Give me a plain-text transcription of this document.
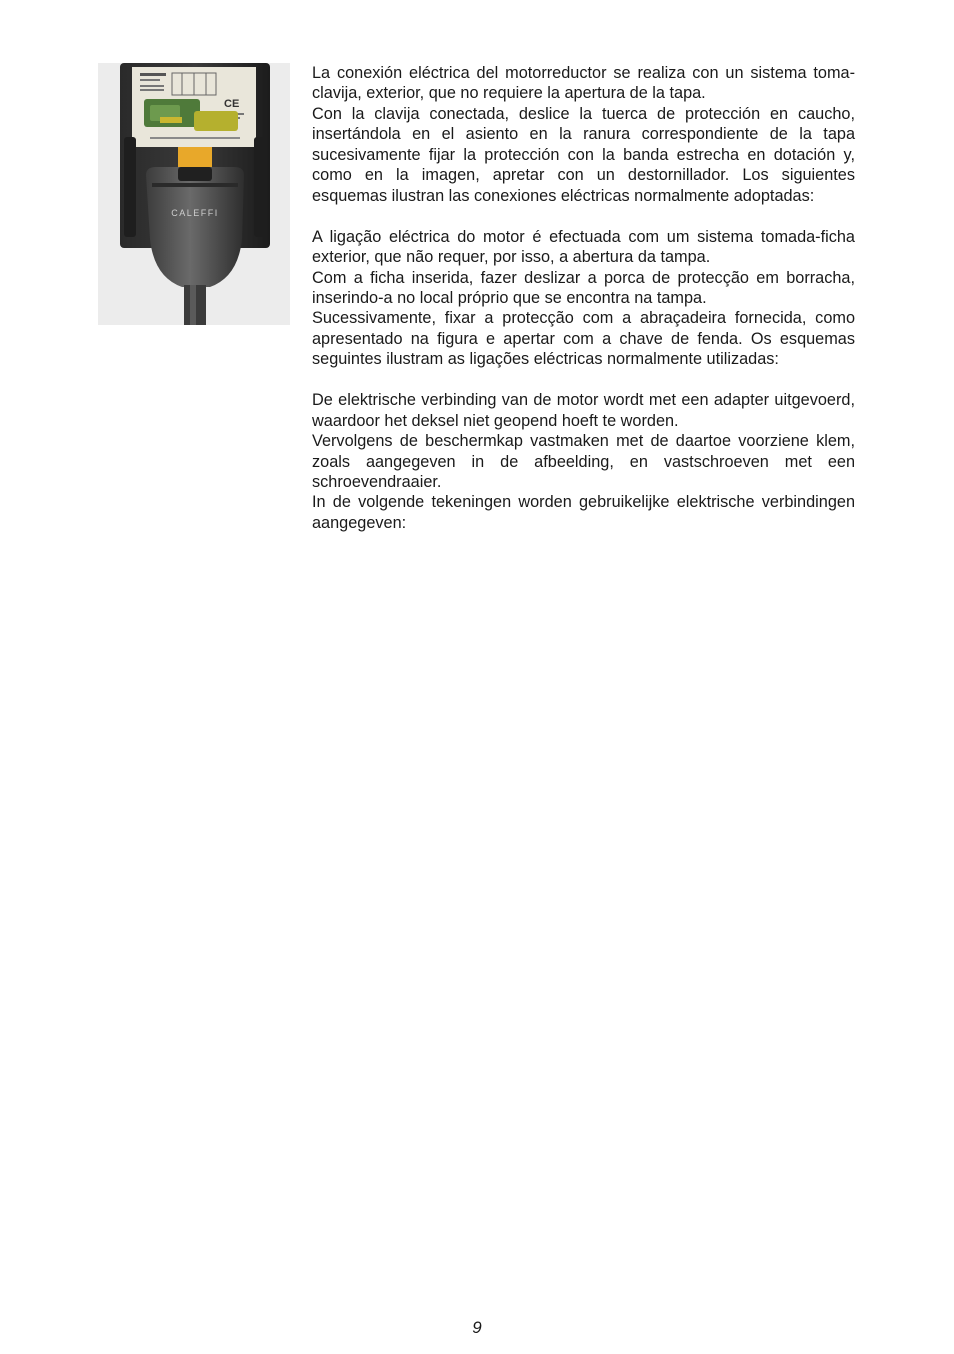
CE
CALEFFI

La conexión eléctrica del motorreductor se realiza con un sistema toma-clavija, exterior, que no requiere la apertura de la tapa.

Con la clavija conectada, deslice la tuerca de protección en caucho, insertándola en el asiento en la ranura correspondiente de la tapa sucesivamente fijar la protección con la banda estrecha en dotación y, como en la imagen, apretar con un destornillador. Los siguientes esquemas ilustran las conexiones eléctricas normalmente adoptadas:

A ligação eléctrica do motor é efectuada com um sistema tomada-ficha exterior, que não requer, por isso, a abertura da tampa.

Com a ficha inserida, fazer deslizar a porca de protecção em borracha, inserindo-a no local próprio que se encontra na tampa.

Sucessivamente, fixar a protecção com a abraçadeira fornecida, como apresentado na figura e apertar com a chave de fenda. Os esquemas seguintes ilustram as ligações eléctricas normalmente utilizadas:

De elektrische verbinding van de motor wordt met een adapter uitgevoerd, waardoor het deksel niet geopend hoeft te worden.

Vervolgens de beschermkap vastmaken met de daartoe voorziene klem, zoals aangegeven in de afbeelding, en vastschroeven met een schroevendraaier.

In de volgende tekeningen worden gebruikelijke elektrische verbindingen aangegeven:

9
